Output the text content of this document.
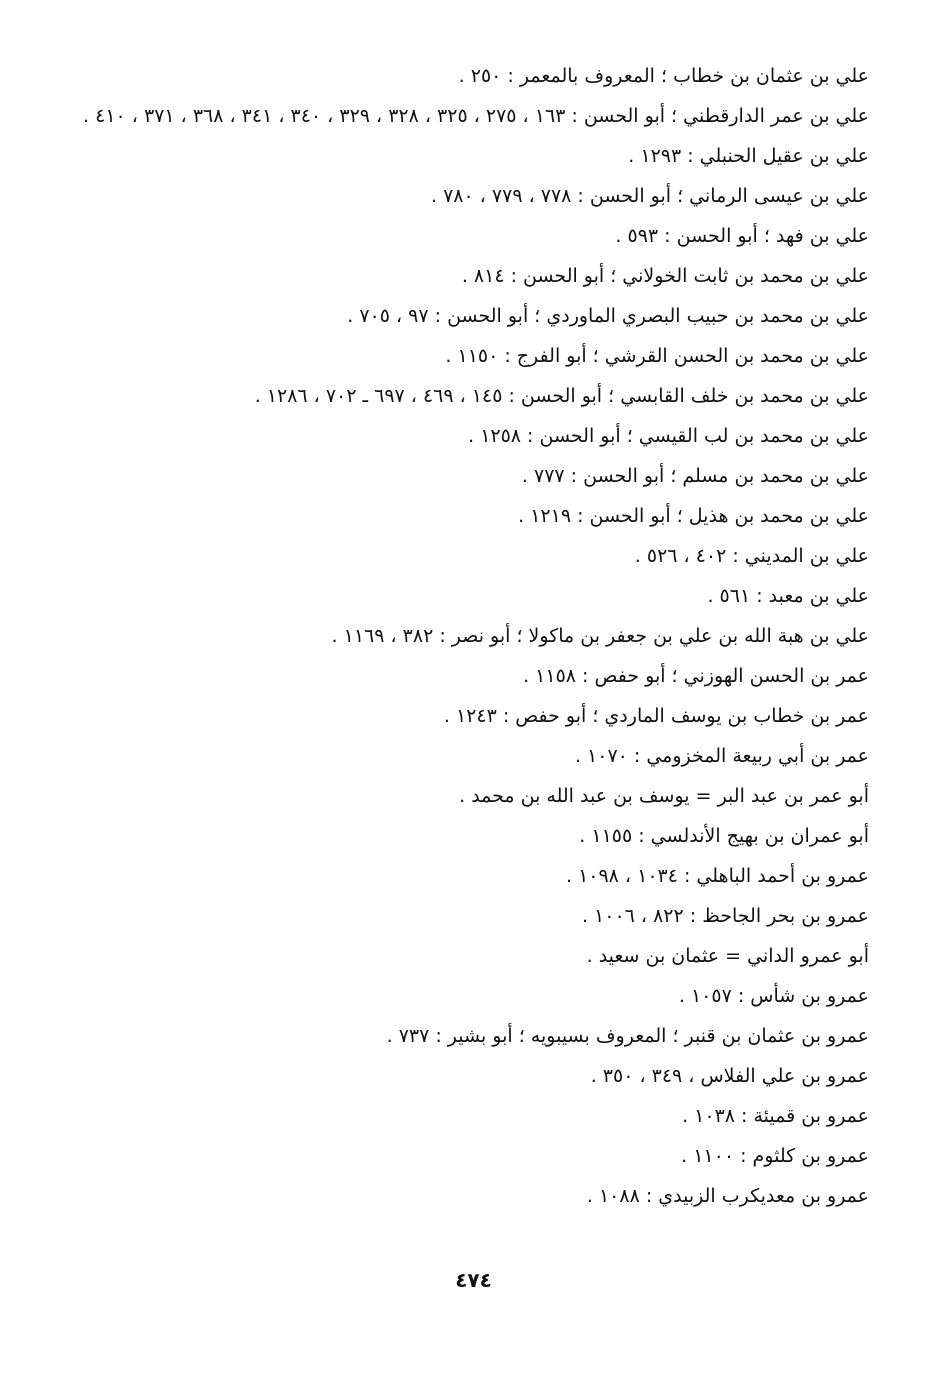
علي بن عثمان بن خطاب ؛ المعروف بالمعمر : ٢٥٠ .
علي بن عمر الدارقطني ؛ أبو الحسن : ١٦٣ ، ٢٧٥ ، ٣٢٥ ، ٣٢٨ ، ٣٢٩ ، ٣٤٠ ، ٣٤١ ، ٣٦٨ ، ٣٧١ ، ٤١٠ .
علي بن عقيل الحنبلي : ١٢٩٣ .
علي بن عيسى الرماني ؛ أبو الحسن : ٧٧٨ ، ٧٧٩ ، ٧٨٠ .
علي بن فهد ؛ أبو الحسن : ٥٩٣ .
علي بن محمد بن ثابت الخولاني ؛ أبو الحسن : ٨١٤ .
علي بن محمد بن حبيب البصري الماوردي ؛ أبو الحسن : ٩٧ ، ٧٠٥ .
علي بن محمد بن الحسن القرشي ؛ أبو الفرج : ١١٥٠ .
علي بن محمد بن خلف القابسي ؛ أبو الحسن : ١٤٥ ، ٤٦٩ ، ٦٩٧ ـ ٧٠٢ ، ١٢٨٦ .
علي بن محمد بن لب القيسي ؛ أبو الحسن : ١٢٥٨ .
علي بن محمد بن مسلم ؛ أبو الحسن : ٧٧٧ .
علي بن محمد بن هذيل ؛ أبو الحسن : ١٢١٩ .
علي بن المديني : ٤٠٢ ، ٥٢٦ .
علي بن معبد : ٥٦١ .
علي بن هبة الله بن علي بن جعفر بن ماكولا ؛ أبو نصر : ٣٨٢ ، ١١٦٩ .
عمر بن الحسن الهوزني ؛ أبو حفص : ١١٥٨ .
عمر بن خطاب بن يوسف الماردي ؛ أبو حفص : ١٢٤٣ .
عمر بن أبي ربيعة المخزومي : ١٠٧٠ .
أبو عمر بن عبد البر = يوسف بن عبد الله بن محمد .
أبو عمران بن بهيج الأندلسي : ١١٥٥ .
عمرو بن أحمد الباهلي : ١٠٣٤ ، ١٠٩٨ .
عمرو بن بحر الجاحظ : ٨٢٢ ، ١٠٠٦ .
أبو عمرو الداني = عثمان بن سعيد .
عمرو بن شأس : ١٠٥٧ .
عمرو بن عثمان بن قنبر ؛ المعروف بسيبويه ؛ أبو بشير : ٧٣٧ .
عمرو بن علي الفلاس ، ٣٤٩ ، ٣٥٠ .
عمرو بن قميئة : ١٠٣٨ .
عمرو بن كلثوم : ١١٠٠ .
عمرو بن معديكرب الزبيدي : ١٠٨٨ .
٤٧٤
